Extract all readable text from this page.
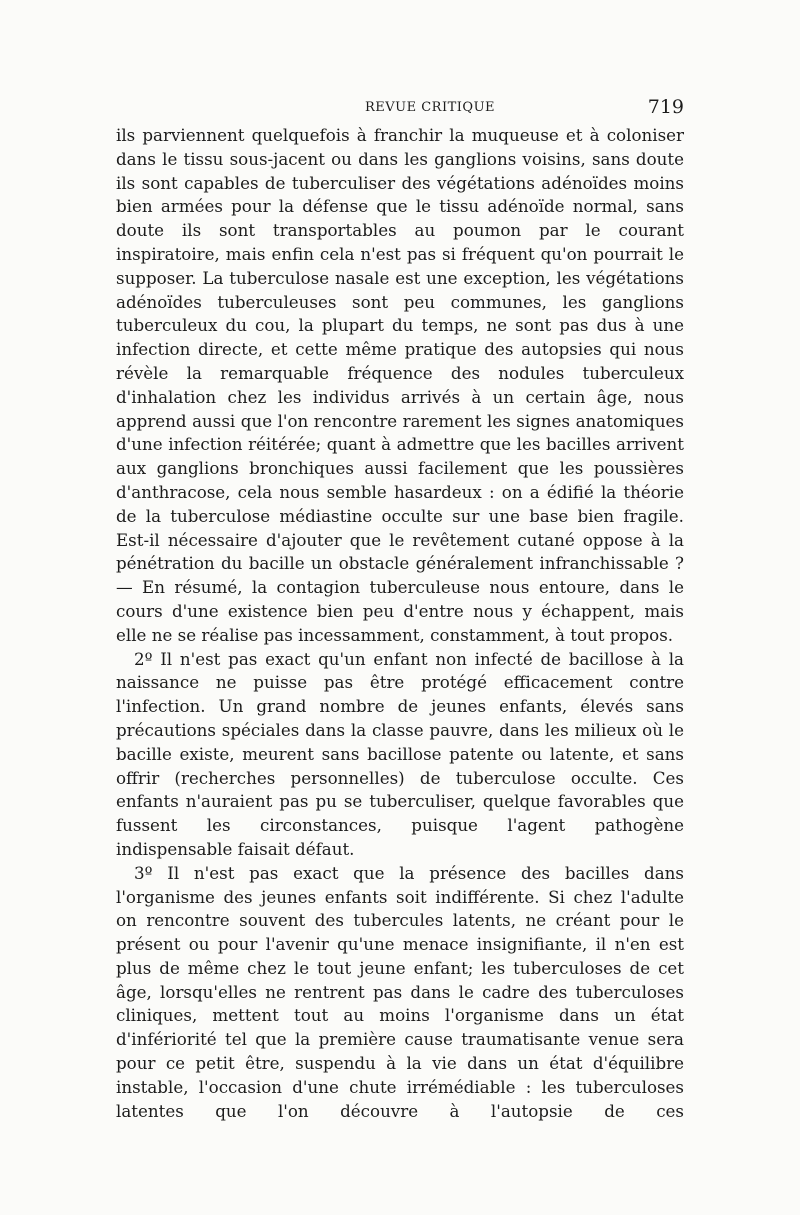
REVUE CRITIQUE	719

ils parviennent quelquefois à franchir la muqueuse et à coloniser dans le tissu sous-jacent ou dans les ganglions voisins, sans doute ils sont capables de tuberculiser des végétations adénoïdes moins bien armées pour la défense que le tissu adénoïde normal, sans doute ils sont transportables au poumon par le courant inspiratoire, mais enfin cela n'est pas si fréquent qu'on pourrait le supposer. La tuberculose nasale est une exception, les végétations adénoïdes tuberculeuses sont peu communes, les ganglions tuberculeux du cou, la plupart du temps, ne sont pas dus à une infection directe, et cette même pratique des autopsies qui nous révèle la remarquable fréquence des nodules tuberculeux d'inhalation chez les individus arrivés à un certain âge, nous apprend aussi que l'on rencontre rarement les signes anatomiques d'une infection réitérée; quant à admettre que les bacilles arrivent aux ganglions bronchiques aussi facilement que les poussières d'anthracose, cela nous semble hasardeux : on a édifié la théorie de la tuberculose médiastine occulte sur une base bien fragile. Est-il nécessaire d'ajouter que le revêtement cutané oppose à la pénétration du bacille un obstacle généralement infranchissable ? — En résumé, la contagion tuberculeuse nous entoure, dans le cours d'une existence bien peu d'entre nous y échappent, mais elle ne se réalise pas incessamment, constamment, à tout propos.

2º Il n'est pas exact qu'un enfant non infecté de bacillose à la naissance ne puisse pas être protégé efficacement contre l'infection. Un grand nombre de jeunes enfants, élevés sans précautions spéciales dans la classe pauvre, dans les milieux où le bacille existe, meurent sans bacillose patente ou latente, et sans offrir (recherches personnelles) de tuberculose occulte. Ces enfants n'auraient pas pu se tuberculiser, quelque favorables que fussent les circonstances, puisque l'agent pathogène indispensable faisait défaut.

3º Il n'est pas exact que la présence des bacilles dans l'organisme des jeunes enfants soit indifférente. Si chez l'adulte on rencontre souvent des tubercules latents, ne créant pour le présent ou pour l'avenir qu'une menace insignifiante, il n'en est plus de même chez le tout jeune enfant; les tuberculoses de cet âge, lorsqu'elles ne rentrent pas dans le cadre des tuberculoses cliniques, mettent tout au moins l'organisme dans un état d'infériorité tel que la première cause traumatisante venue sera pour ce petit être, suspendu à la vie dans un état d'équilibre instable, l'occasion d'une chute irrémédiable : les tuberculoses latentes que l'on découvre à l'autopsie de ces
